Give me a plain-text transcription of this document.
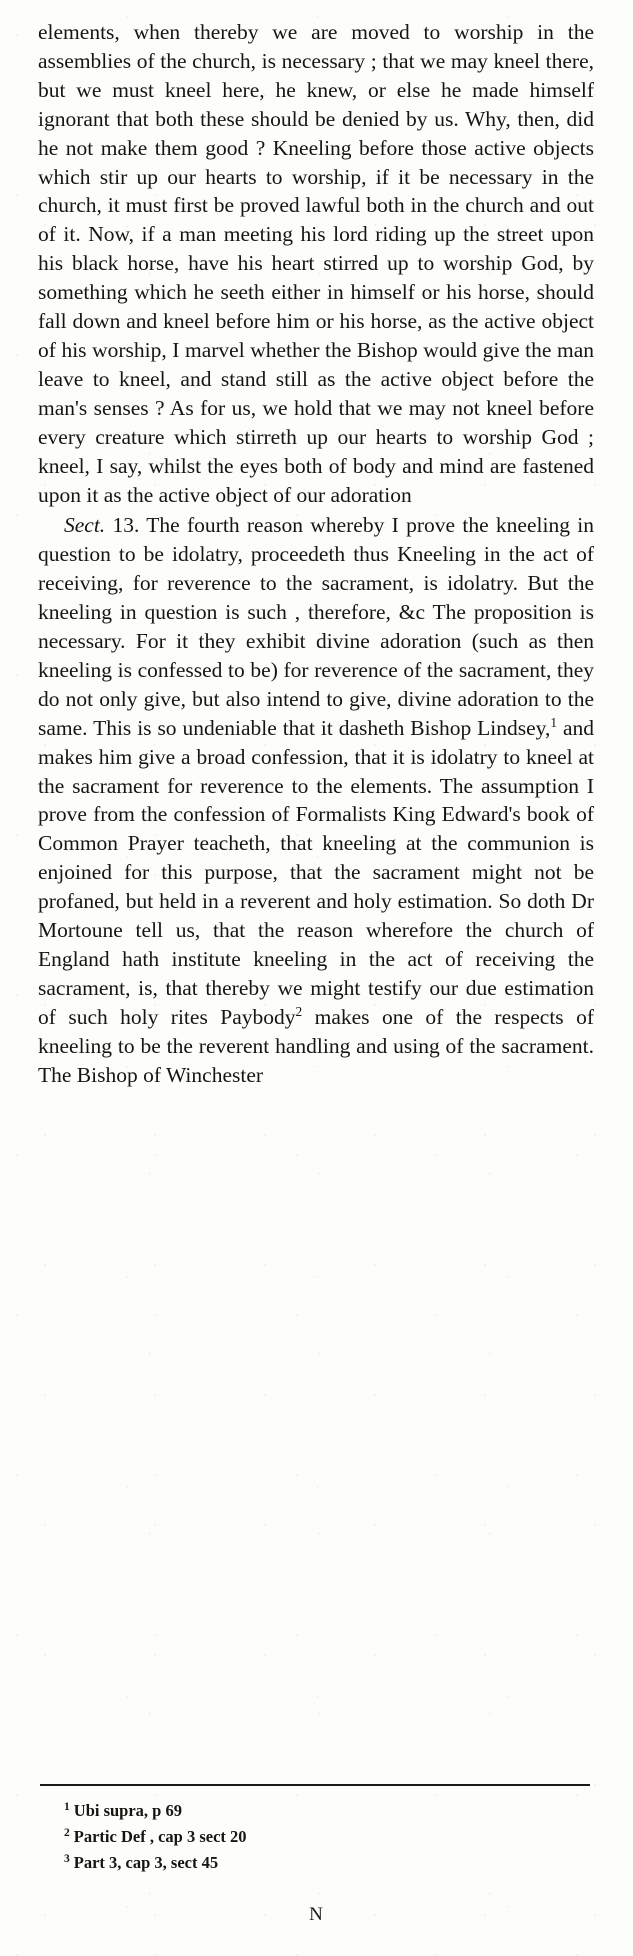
elements, when thereby we are moved to worship in the assemblies of the church, is necessary ; that we may kneel there, but we must kneel here, he knew, or else he made himself ignorant that both these should be denied by us. Why, then, did he not make them good ? Kneeling before those active objects which stir up our hearts to worship, if it be necessary in the church, it must first be proved lawful both in the church and out of it. Now, if a man meeting his lord riding up the street upon his black horse, have his heart stirred up to worship God, by something which he seeth either in himself or his horse, should fall down and kneel before him or his horse, as the active object of his worship, I marvel whether the Bishop would give the man leave to kneel, and stand still as the active object before the man's senses ? As for us, we hold that we may not kneel before every creature which stirreth up our hearts to worship God ; kneel, I say, whilst the eyes both of body and mind are fastened upon it as the active object of our adoration

Sect. 13. The fourth reason whereby I prove the kneeling in question to be idolatry, proceedeth thus Kneeling in the act of receiving, for reverence to the sacrament, is idolatry. But the kneeling in question is such , therefore, &c The proposition is necessary. For it they exhibit divine adoration (such as then kneeling is confessed to be) for reverence of the sacrament, they do not only give, but also intend to give, divine adoration to the same. This is so undeniable that it dasheth Bishop Lindsey,$^1$ and makes him give a broad confession, that it is idolatry to kneel at the sacrament for reverence to the elements. The assumption I prove from the confession of Formalists King Edward's book of Common Prayer teacheth, that kneeling at the communion is enjoined for this purpose, that the sacrament might not be profaned, but held in a reverent and holy estimation. So doth Dr Mortoune tell us, that the reason wherefore the church of England hath institute kneeling in the act of receiving the sacrament, is, that thereby we might testify our due estimation of such holy rites Paybody$^2$ makes one of the respects of kneeling to be the reverent handling and using of the sacrament. The Bishop of Winchester

$^1$ Ubi supra, p 69
$^2$ Partic Def , cap 3 sect 20
$^3$ Part 3, cap 3, sect 45
N
